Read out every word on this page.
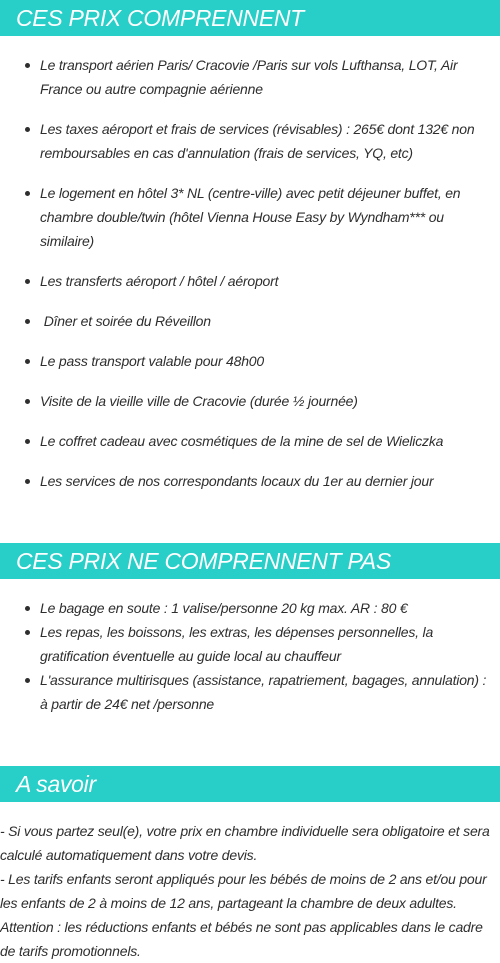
CES PRIX COMPRENNENT
Le transport aérien Paris/ Cracovie /Paris sur vols Lufthansa, LOT, Air France ou autre compagnie aérienne
Les taxes aéroport et frais de services (révisables) : 265€ dont 132€ non remboursables en cas d'annulation (frais de services, YQ, etc)
Le logement en hôtel 3* NL (centre-ville) avec petit déjeuner buffet, en chambre double/twin (hôtel Vienna House Easy by Wyndham*** ou similaire)
Les transferts aéroport / hôtel / aéroport
Dîner et soirée du Réveillon
Le pass transport valable pour 48h00
Visite de la vieille ville de Cracovie (durée ½ journée)
Le coffret cadeau avec cosmétiques de la mine de sel de Wieliczka
Les services de nos correspondants locaux du 1er au dernier jour
CES PRIX NE COMPRENNENT PAS
Le bagage en soute : 1 valise/personne 20 kg max. AR : 80 €
Les repas, les boissons, les extras, les dépenses personnelles, la gratification éventuelle au guide local au chauffeur
L'assurance multirisques (assistance, rapatriement, bagages, annulation) : à partir de 24€ net /personne
A savoir

- Si vous partez seul(e), votre prix en chambre individuelle sera obligatoire et sera calculé automatiquement dans votre devis.

- Les tarifs enfants seront appliqués pour les bébés de moins de 2 ans et/ou pour les enfants de 2 à moins de 12 ans, partageant la chambre de deux adultes.

Attention : les réductions enfants et bébés ne sont pas applicables dans le cadre de tarifs promotionnels.
